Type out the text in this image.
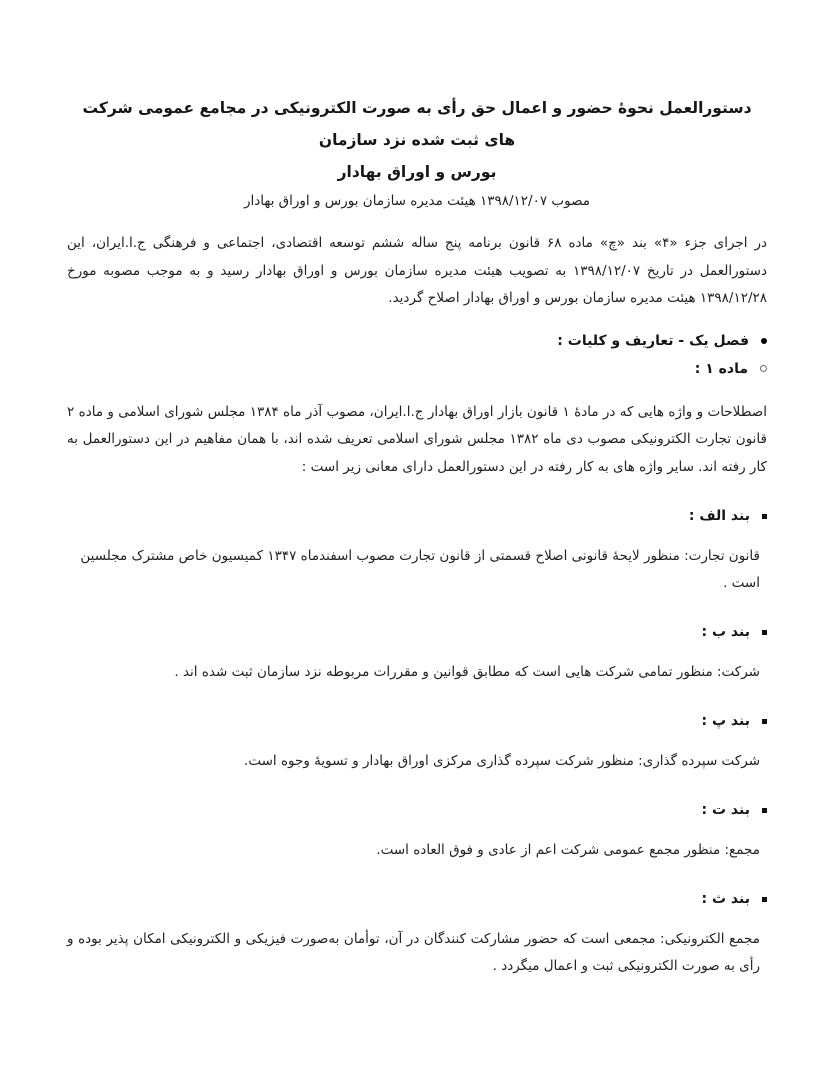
دستورالعمل نحوهٔ حضور و اعمال حق رأی به صورت الکترونیکی در مجامع عمومی شرکت های ثبت شده نزد سازمان
بورس و اوراق بهادار
مصوب ۱۳۹۸/۱۲/۰۷ هیئت مدیره سازمان بورس و اوراق بهادار

در اجرای جزء «۴» بند «چ» ماده ۶۸ قانون برنامه پنج ساله ششم توسعه اقتصادی، اجتماعی و فرهنگی ج.ا.ایران، این دستورالعمل در تاریخ ۱۳۹۸/۱۲/۰۷ به تصویب هیئت مدیره سازمان بورس و اوراق بهادار رسید و به موجب مصوبه مورخ ۱۳۹۸/۱۲/۲۸ هیئت مدیره سازمان بورس و اوراق بهادار اصلاح گردید.

فصل یک - تعاریف و کلیات :
ماده ۱ :

اصطلاحات و واژه هایی که در مادهٔ ۱ قانون بازار اوراق بهادار ج.ا.ایران، مصوب آذر ماه ۱۳۸۴ مجلس شورای اسلامی و ماده ۲ قانون تجارت الکترونیکی مصوب دی ماه ۱۳۸۲ مجلس شورای اسلامی تعریف شده اند، با همان مفاهیم در این دستورالعمل به کار رفته اند. سایر واژه های به کار رفته در این دستورالعمل دارای معانی زیر است :

بند الف :

قانون تجارت: منظور لایحهٔ قانونی اصلاح قسمتی از قانون تجارت مصوب اسفندماه ۱۳۴۷ کمیسیون خاص مشترک مجلسین است .

بند ب :

شرکت: منظور تمامی شرکت هایی است که مطابق قوانین و مقررات مربوطه نزد سازمان ثبت شده اند .

بند پ :

شرکت سپرده گذاری: منظور شرکت سپرده گذاری مرکزی اوراق بهادار و تسویهٔ وجوه است.

بند ت :

مجمع: منظور مجمع عمومی شرکت اعم از عادی و فوق العاده است.

بند ث :

مجمع الکترونیکی: مجمعی است که حضور مشارکت کنندگان در آن، توأمان به‌صورت فیزیکی و الکترونیکی امکان پذیر بوده و رأی به صورت الکترونیکی ثبت و اعمال میگردد .
